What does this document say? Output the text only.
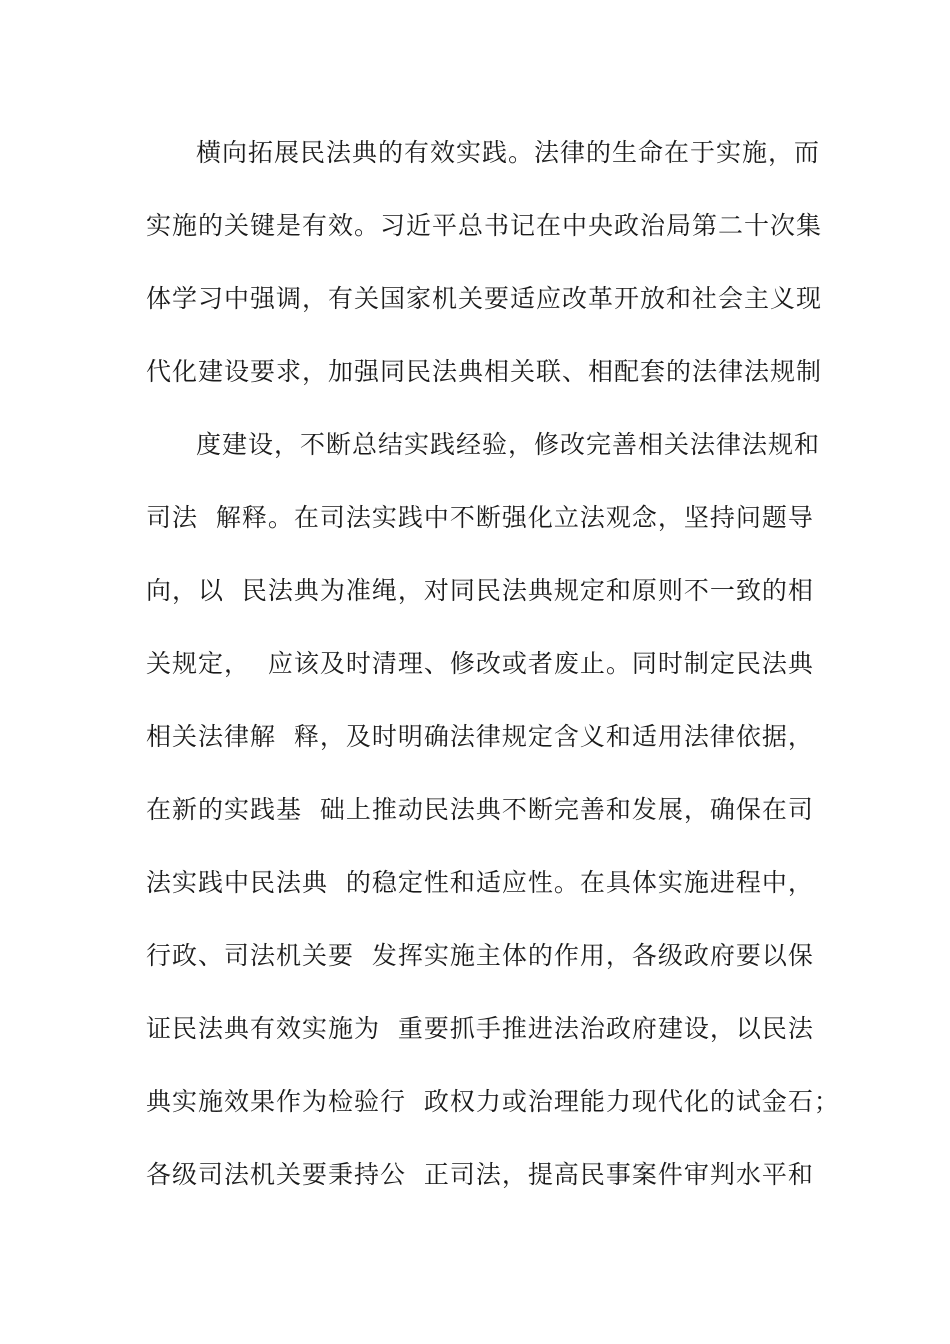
横向拓展民法典的有效实践。法律的生命在于实施，而
实施的关键是有效。习近平总书记在中央政治局第二十次集
体学习中强调，有关国家机关要适应改革开放和社会主义现
代化建设要求，加强同民法典相关联、相配套的法律法规制
度建设，不断总结实践经验，修改完善相关法律法规和
司法  解释。在司法实践中不断强化立法观念，坚持问题导
向，以  民法典为准绳，对同民法典规定和原则不一致的相
关规定，  应该及时清理、修改或者废止。同时制定民法典
相关法律解  释，及时明确法律规定含义和适用法律依据，
在新的实践基  础上推动民法典不断完善和发展，确保在司
法实践中民法典  的稳定性和适应性。在具体实施进程中，
行政、司法机关要  发挥实施主体的作用，各级政府要以保
证民法典有效实施为  重要抓手推进法治政府建设，以民法
典实施效果作为检验行  政权力或治理能力现代化的试金石；
各级司法机关要秉持公  正司法，提高民事案件审判水平和
